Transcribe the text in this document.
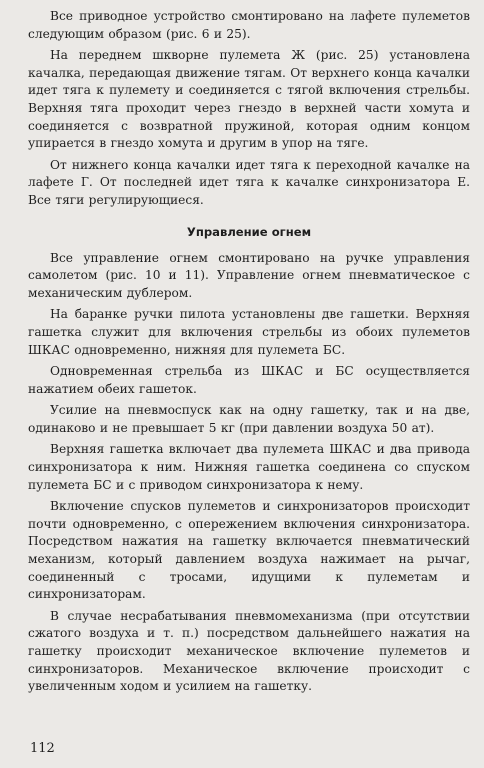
Все приводное устройство смонтировано на лафете пулеметов следующим образом (рис. 6 и 25).

На переднем шкворне пулемета Ж (рис. 25) установлена качалка, передающая движение тягам. От верхнего конца качалки идет тяга к пулемету и соединяется с тягой включения стрельбы. Верхняя тяга проходит через гнездо в верхней части хомута и соединяется с возвратной пружиной, которая одним концом упирается в гнездо хомута и другим в упор на тяге.

От нижнего конца качалки идет тяга к переходной качалке на лафете Г. От последней идет тяга к качалке синхронизатора Е. Все тяги регулирующиеся.

Управление огнем

Все управление огнем смонтировано на ручке управления самолетом (рис. 10 и 11). Управление огнем пневматическое с механическим дублером.

На баранке ручки пилота установлены две гашетки. Верхняя гашетка служит для включения стрельбы из обоих пулеметов ШКАС одновременно, нижняя для пулемета БС.

Одновременная стрельба из ШКАС и БС осуществляется нажатием обеих гашеток.

Усилие на пневмоспуск как на одну гашетку, так и на две, одинаково и не превышает 5 кг (при давлении воздуха 50 ат).

Верхняя гашетка включает два пулемета ШКАС и два привода синхронизатора к ним. Нижняя гашетка соединена со спуском пулемета БС и с приводом синхронизатора к нему.

Включение спусков пулеметов и синхронизаторов происходит почти одновременно, с опережением включения синхронизатора. Посредством нажатия на гашетку включается пневматический механизм, который давлением воздуха нажимает на рычаг, соединенный с тросами, идущими к пулеметам и синхронизаторам.

В случае несрабатывания пневмомеханизма (при отсутствии сжатого воздуха и т. п.) посредством дальнейшего нажатия на гашетку происходит механическое включение пулеметов и синхронизаторов. Механическое включение происходит с увеличенным ходом и усилием на гашетку.

112
